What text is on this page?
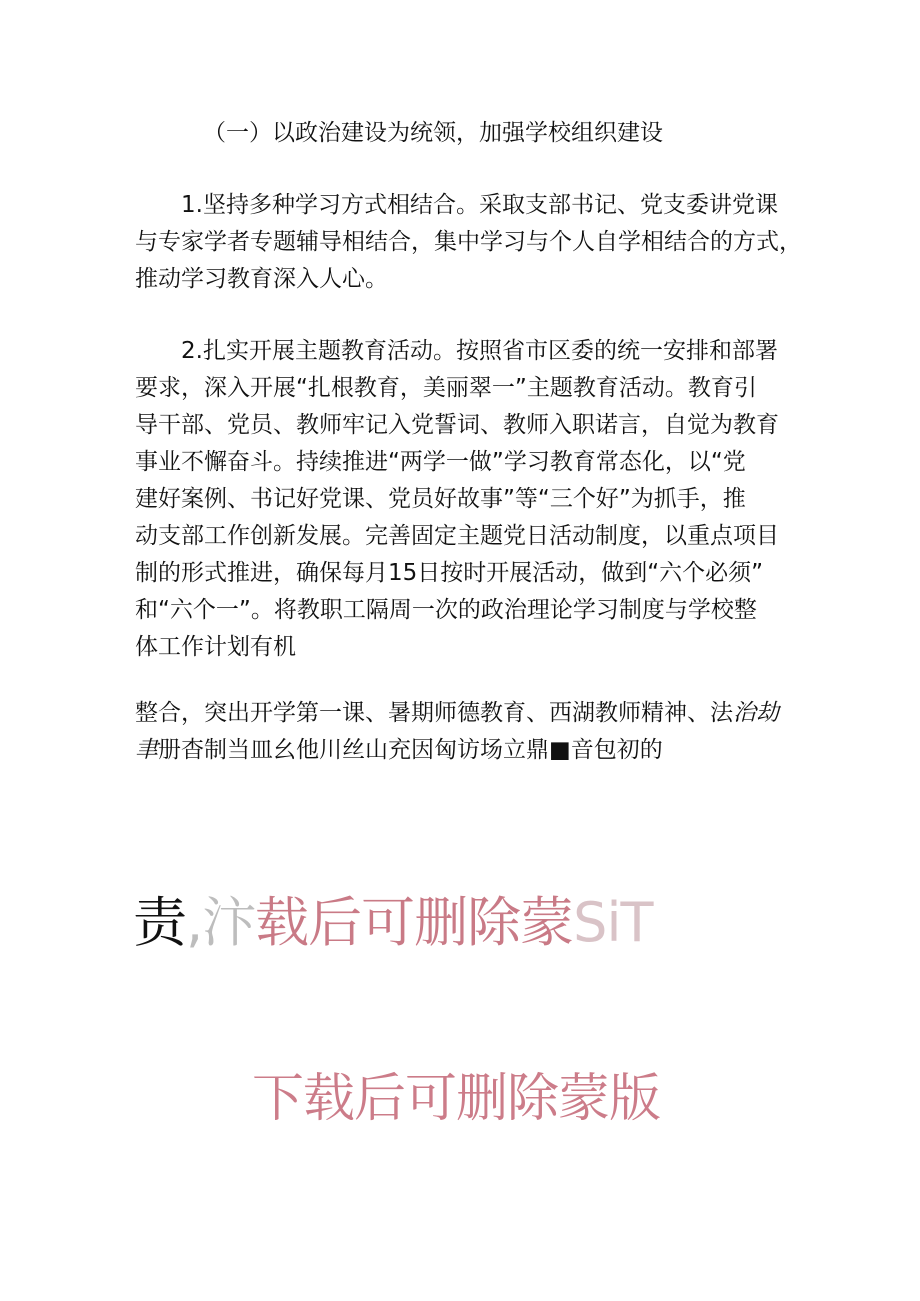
（一）以政治建设为统领，加强学校组织建设
1.坚持多种学习方式相结合。采取支部书记、党支委讲党课
与专家学者专题辅导相结合，集中学习与个人自学相结合的方式，
推动学习教育深入人心。
2.扎实开展主题教育活动。按照省市区委的统一安排和部署
要求，深入开展“扎根教育，美丽翠一”主题教育活动。教育引
导干部、党员、教师牢记入党誓词、教师入职诺言，自觉为教育
事业不懈奋斗。持续推进“两学一做”学习教育常态化，以“党
建好案例、书记好党课、党员好故事”等“三个好”为抓手，推
动支部工作创新发展。完善固定主题党日活动制度，以重点项目
制的形式推进，确保每月15日按时开展活动，做到“六个必须”
和“六个一”。将教职工隔周一次的政治理论学习制度与学校整
体工作计划有机
整合，突出开学第一课、暑期师德教育、西湖教师精神、法治劫
聿册杳制当皿幺他川丝山充因匈访场立鼎■音包初的
责,汴载后可删除蒙SiT
下载后可删除蒙版
